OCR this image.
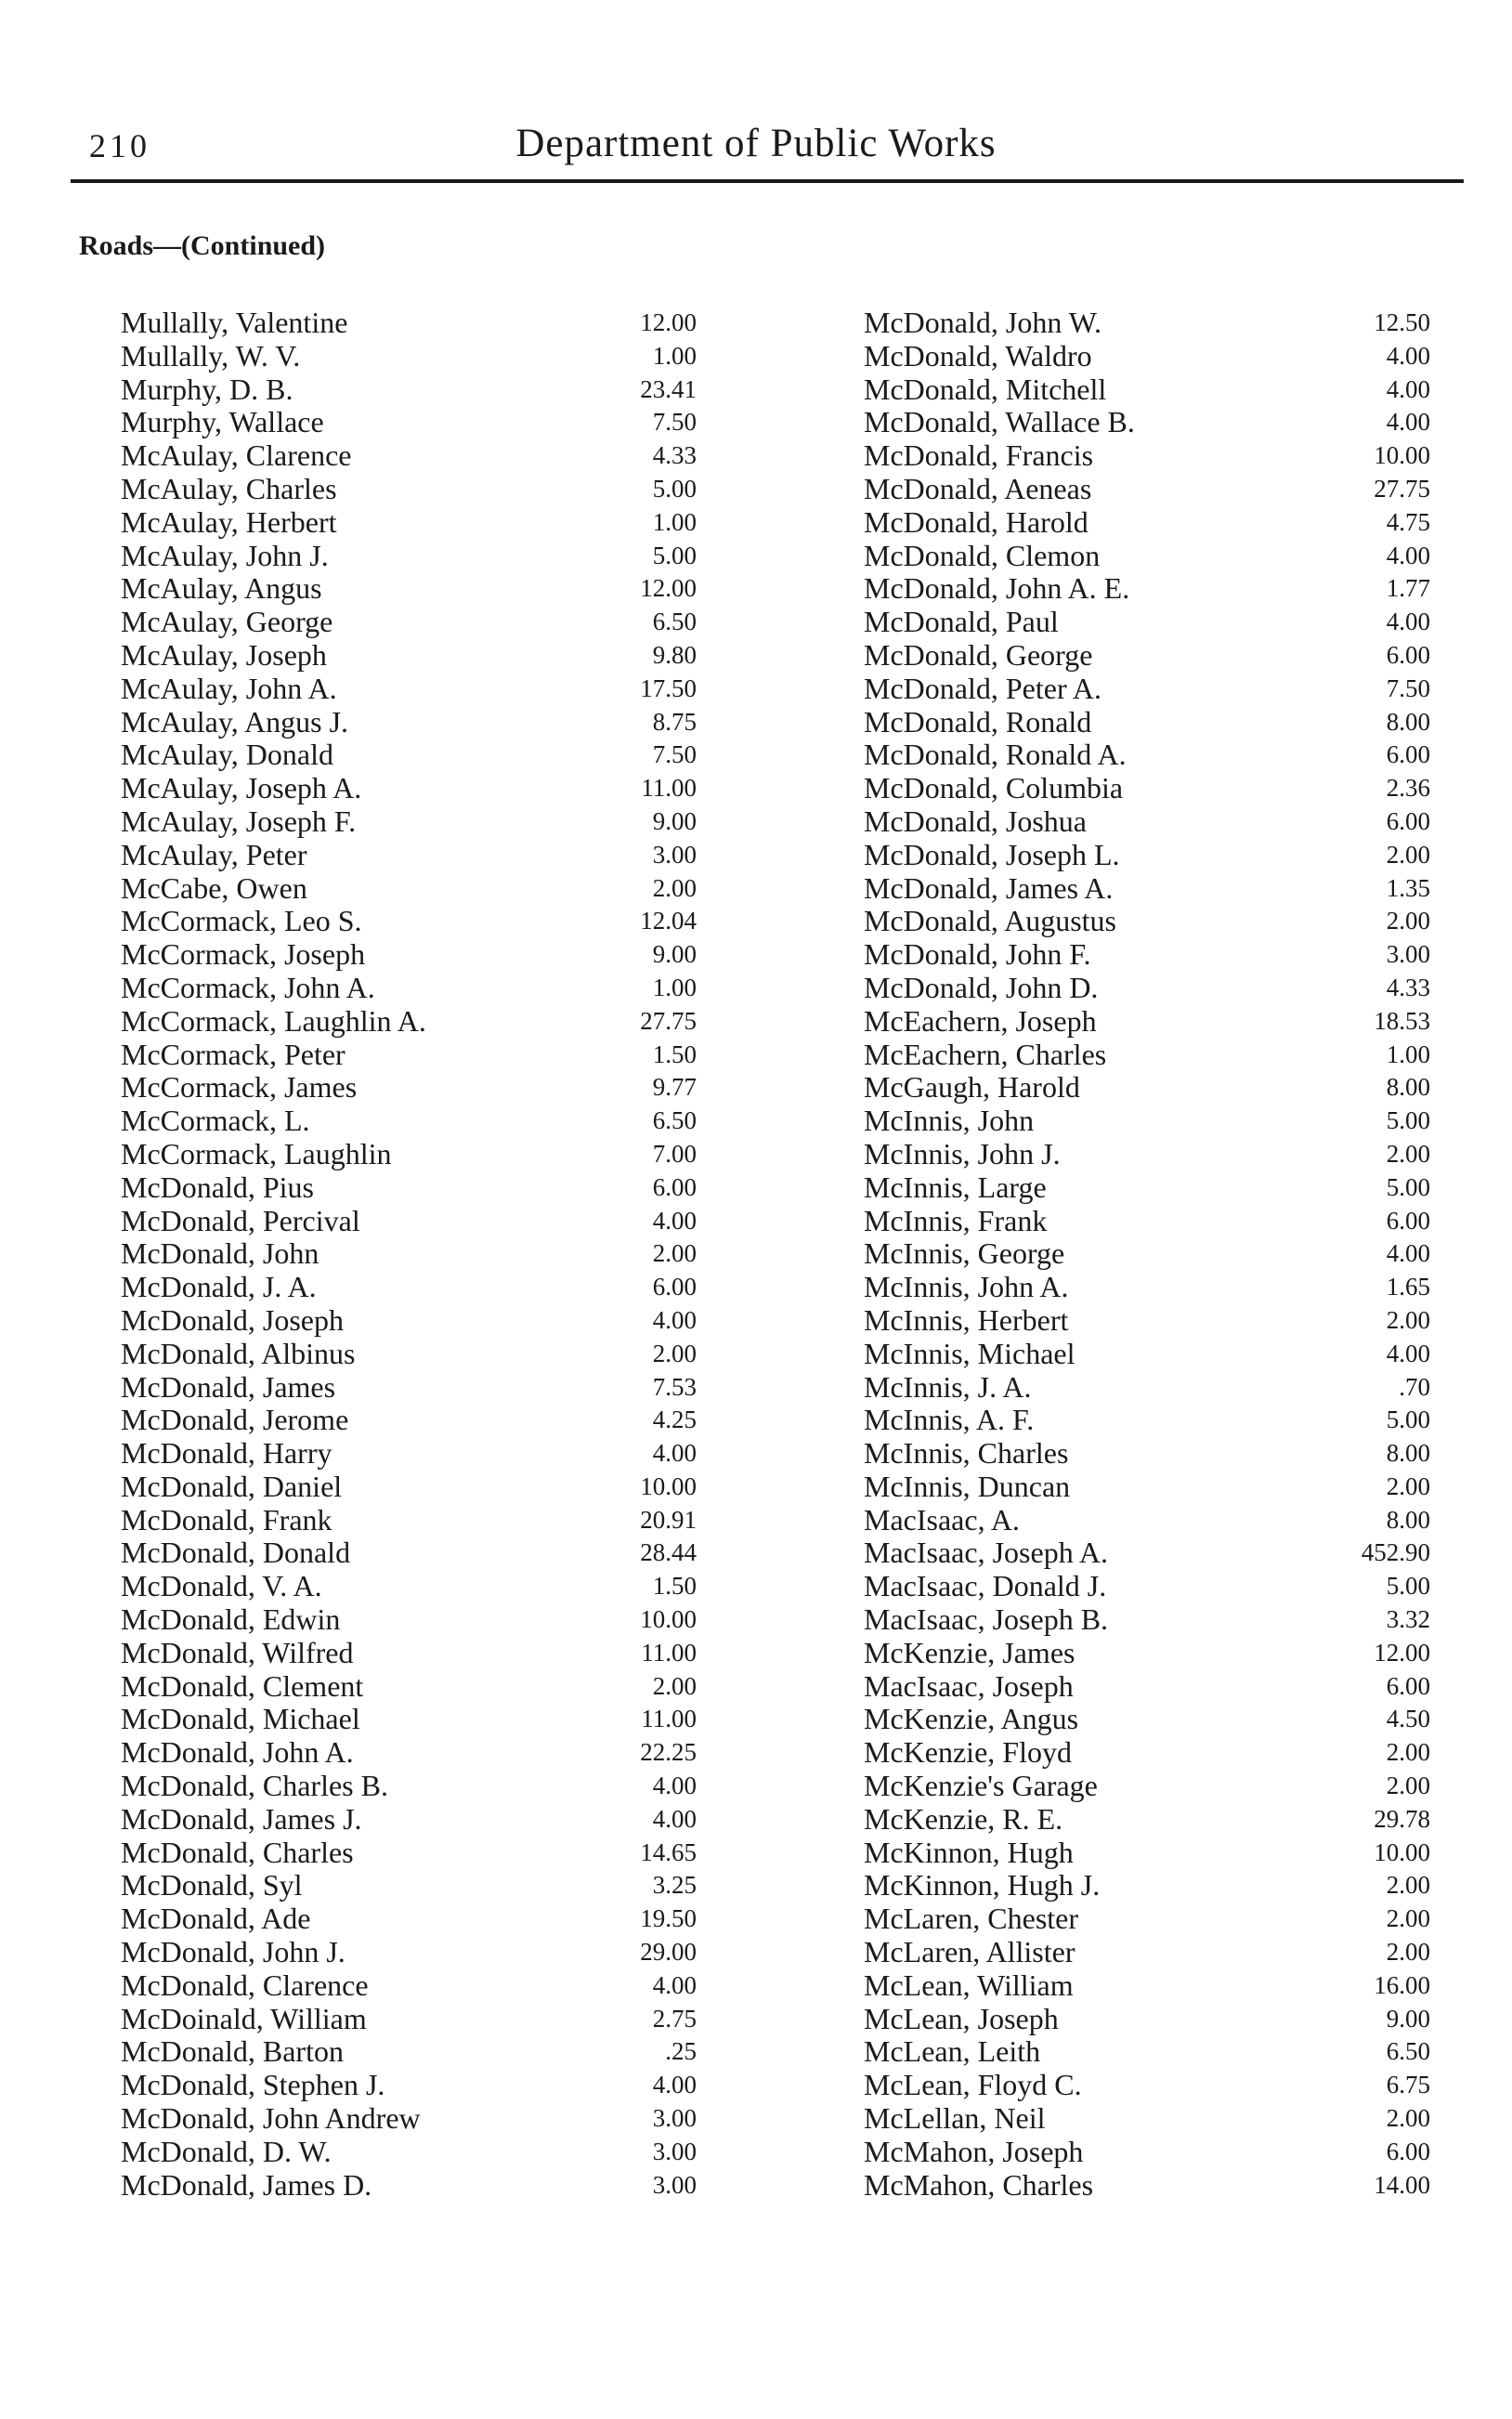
210	Department of Public Works
Roads—(Continued)
Mullally, Valentine	12.00
Mullally, W. V.	1.00
Murphy, D. B.	23.41
Murphy, Wallace	7.50
McAulay, Clarence	4.33
McAulay, Charles	5.00
McAulay, Herbert	1.00
McAulay, John J.	5.00
McAulay, Angus	12.00
McAulay, George	6.50
McAulay, Joseph	9.80
McAulay, John A.	17.50
McAulay, Angus J.	8.75
McAulay, Donald	7.50
McAulay, Joseph A.	11.00
McAulay, Joseph F.	9.00
McAulay, Peter	3.00
McCabe, Owen	2.00
McCormack, Leo S.	12.04
McCormack, Joseph	9.00
McCormack, John A.	1.00
McCormack, Laughlin A.	27.75
McCormack, Peter	1.50
McCormack, James	9.77
McCormack, L.	6.50
McCormack, Laughlin	7.00
McDonald, Pius	6.00
McDonald, Percival	4.00
McDonald, John	2.00
McDonald, J. A.	6.00
McDonald, Joseph	4.00
McDonald, Albinus	2.00
McDonald, James	7.53
McDonald, Jerome	4.25
McDonald, Harry	4.00
McDonald, Daniel	10.00
McDonald, Frank	20.91
McDonald, Donald	28.44
McDonald, V. A.	1.50
McDonald, Edwin	10.00
McDonald, Wilfred	11.00
McDonald, Clement	2.00
McDonald, Michael	11.00
McDonald, John A.	22.25
McDonald, Charles B.	4.00
McDonald, James J.	4.00
McDonald, Charles	14.65
McDonald, Syl	3.25
McDonald, Ade	19.50
McDonald, John J.	29.00
McDonald, Clarence	4.00
McDoinald, William	2.75
McDonald, Barton	.25
McDonald, Stephen J.	4.00
McDonald, John Andrew	3.00
McDonald, D. W.	3.00
McDonald, James D.	3.00
McDonald, John W.	12.50
McDonald, Waldro	4.00
McDonald, Mitchell	4.00
McDonald, Wallace B.	4.00
McDonald, Francis	10.00
McDonald, Aeneas	27.75
McDonald, Harold	4.75
McDonald, Clemon	4.00
McDonald, John A. E.	1.77
McDonald, Paul	4.00
McDonald, George	6.00
McDonald, Peter A.	7.50
McDonald, Ronald	8.00
McDonald, Ronald A.	6.00
McDonald, Columbia	2.36
McDonald, Joshua	6.00
McDonald, Joseph L.	2.00
McDonald, James A.	1.35
McDonald, Augustus	2.00
McDonald, John F.	3.00
McDonald, John D.	4.33
McEachern, Joseph	18.53
McEachern, Charles	1.00
McGaugh, Harold	8.00
McInnis, John	5.00
McInnis, John J.	2.00
McInnis, Large	5.00
McInnis, Frank	6.00
McInnis, George	4.00
McInnis, John A.	1.65
McInnis, Herbert	2.00
McInnis, Michael	4.00
McInnis, J. A.	.70
McInnis, A. F.	5.00
McInnis, Charles	8.00
McInnis, Duncan	2.00
MacIsaac, A.	8.00
MacIsaac, Joseph A.	452.90
MacIsaac, Donald J.	5.00
MacIsaac, Joseph B.	3.32
McKenzie, James	12.00
MacIsaac, Joseph	6.00
McKenzie, Angus	4.50
McKenzie, Floyd	2.00
McKenzie's Garage	2.00
McKenzie, R. E.	29.78
McKinnon, Hugh	10.00
McKinnon, Hugh J.	2.00
McLaren, Chester	2.00
McLaren, Allister	2.00
McLean, William	16.00
McLean, Joseph	9.00
McLean, Leith	6.50
McLean, Floyd C.	6.75
McLellan, Neil	2.00
McMahon, Joseph	6.00
McMahon, Charles	14.00
